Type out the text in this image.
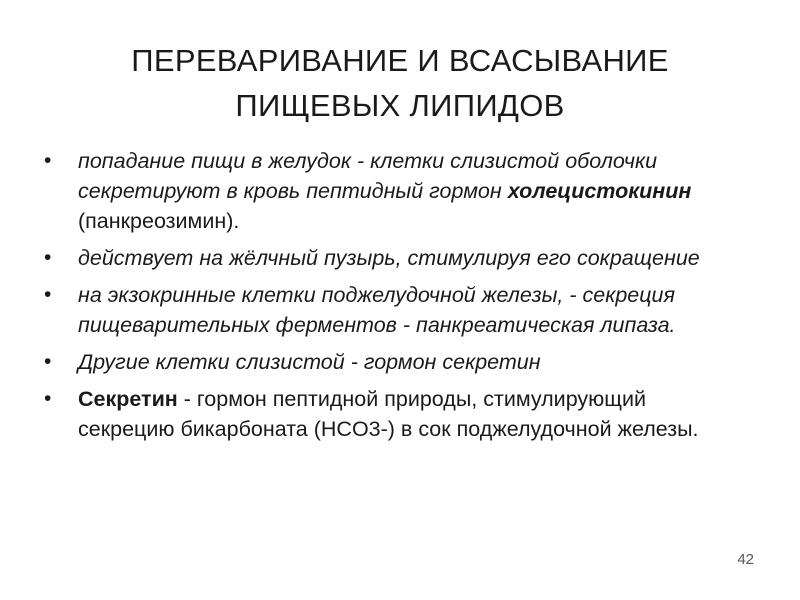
ПЕРЕВАРИВАНИЕ И ВСАСЫВАНИЕ
ПИЩЕВЫХ ЛИПИДОВ
• попадание пищи в желудок - клетки слизистой оболочки секретируют в кровь пептидный гормон холецистокинин (панкреозимин).
• действует на жёлчный пузырь, стимулируя его сокращение
• на экзокринные клетки поджелудочной железы, - секреция пищеварительных ферментов - панкреатическая липаза.
• Другие клетки слизистой - гормон секретин
• Секретин - гормон пептидной природы, стимулирующий секрецию бикарбоната (HCO3-) в сок поджелудочной железы.
42
